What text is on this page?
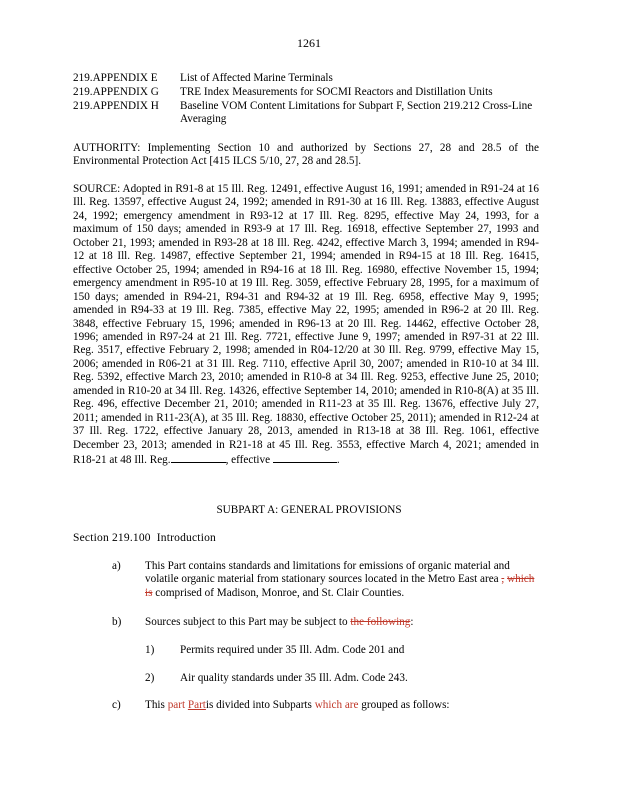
1261
219.APPENDIX E List of Affected Marine Terminals
219.APPENDIX G TRE Index Measurements for SOCMI Reactors and Distillation Units
219.APPENDIX H Baseline VOM Content Limitations for Subpart F, Section 219.212 Cross-Line Averaging
AUTHORITY: Implementing Section 10 and authorized by Sections 27, 28 and 28.5 of the Environmental Protection Act [415 ILCS 5/10, 27, 28 and 28.5].
SOURCE: Adopted in R91-8 at 15 Ill. Reg. 12491, effective August 16, 1991; amended in R91-24 at 16 Ill. Reg. 13597, effective August 24, 1992; amended in R91-30 at 16 Ill. Reg. 13883, effective August 24, 1992; emergency amendment in R93-12 at 17 Ill. Reg. 8295, effective May 24, 1993, for a maximum of 150 days; amended in R93-9 at 17 Ill. Reg. 16918, effective September 27, 1993 and October 21, 1993; amended in R93-28 at 18 Ill. Reg. 4242, effective March 3, 1994; amended in R94-12 at 18 Ill. Reg. 14987, effective September 21, 1994; amended in R94-15 at 18 Ill. Reg. 16415, effective October 25, 1994; amended in R94-16 at 18 Ill. Reg. 16980, effective November 15, 1994; emergency amendment in R95-10 at 19 Ill. Reg. 3059, effective February 28, 1995, for a maximum of 150 days; amended in R94-21, R94-31 and R94-32 at 19 Ill. Reg. 6958, effective May 9, 1995; amended in R94-33 at 19 Ill. Reg. 7385, effective May 22, 1995; amended in R96-2 at 20 Ill. Reg. 3848, effective February 15, 1996; amended in R96-13 at 20 Ill. Reg. 14462, effective October 28, 1996; amended in R97-24 at 21 Ill. Reg. 7721, effective June 9, 1997; amended in R97-31 at 22 Ill. Reg. 3517, effective February 2, 1998; amended in R04-12/20 at 30 Ill. Reg. 9799, effective May 15, 2006; amended in R06-21 at 31 Ill. Reg. 7110, effective April 30, 2007; amended in R10-10 at 34 Ill. Reg. 5392, effective March 23, 2010; amended in R10-8 at 34 Ill. Reg. 9253, effective June 25, 2010; amended in R10-20 at 34 Ill. Reg. 14326, effective September 14, 2010; amended in R10-8(A) at 35 Ill. Reg. 496, effective December 21, 2010; amended in R11-23 at 35 Ill. Reg. 13676, effective July 27, 2011; amended in R11-23(A), at 35 Ill. Reg. 18830, effective October 25, 2011); amended in R12-24 at 37 Ill. Reg. 1722, effective January 28, 2013, amended in R13-18 at 38 Ill. Reg. 1061, effective December 23, 2013; amended in R21-18 at 45 Ill. Reg. 3553, effective March 4, 2021; amended in R18-21 at 48 Ill. Reg.	, effective	.
SUBPART A: GENERAL PROVISIONS
Section 219.100 Introduction
a) This Part contains standards and limitations for emissions of organic material and volatile organic material from stationary sources located in the Metro East area , which is comprised of Madison, Monroe, and St. Clair Counties.
b) Sources subject to this Part may be subject to the following:
1) Permits required under 35 Ill. Adm. Code 201 and
2) Air quality standards under 35 Ill. Adm. Code 243.
c) This part Partis divided into Subparts which are grouped as follows:
